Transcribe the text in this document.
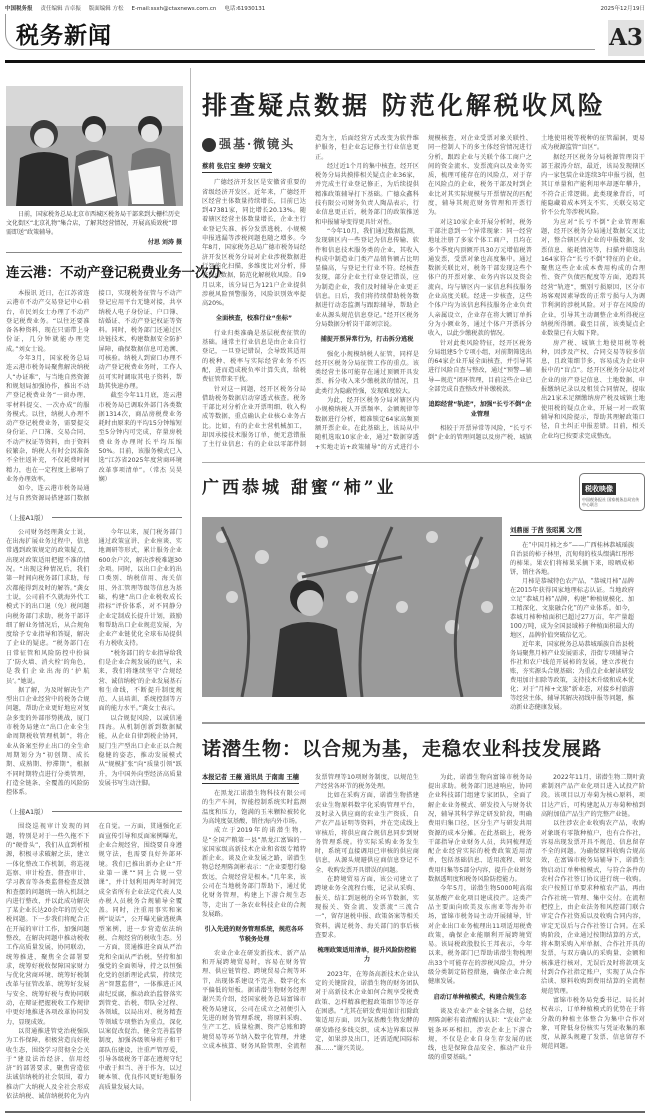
中国税务报 责任编辑 吉卓振 版面编辑 方松 E-mail:ssxh@ctaxnews.com.cn 电话:61930131	2025年12月19日
税务新闻	A3
日前，国家税务总局北京市西城区税务局干部来到大栅栏历史文化街区“北京礼物”集合店，了解其经营情况，开展高质效税“即需即送”政策辅导。
付思 刘涛 摄
连云港：不动产登记税费业务一次办

本报讯 近日，在江苏省连云港市不动产交易登记中心前台，市民刘女士办理了不动产登记税费业务。“以往还要准备各种资料，现在只需带上身份证，几分钟就能办理完成。”刘女士说。

今年3月，国家税务总局连云港市税务局聚焦解决纳税人“办证难”，与当地自然资源和规划局加强协作，推出不动产登记税费业务“一窗办理、零材料提交、一次办成”的服务模式。以往，纳税人办理不动产登记税费业务，需要提交身份证、户口簿、交易合同、不动产权证等资料，由于资料较繁杂，纳税人有时会因准备不全往返补充，不仅耗费时间精力，也在一定程度上影响了业务办理效率。

如今，连云港市税务局通过与自然资源局搭建部门数据接口，实现税务征管与不动产登记应用平台无缝对接，共享纳税人电子身份证、户口簿、结婚证、不动产登记权证等资料。同时，税务部门还通过区块链技术，构建数据安全防护屏障，确保数据信息可追溯、可核验。纳税人到窗口办理不动产登记税费业务时，工作人员可实时调取其电子资料，帮助其快速办理。

截至今年11月底，连云港市税务局已调取外部门各类数据1314次，商品房税费业务耗时由原来的平均15分钟缩短至5分钟内可完成，存量房税费业务办理时长平均压缩50%。目前，该服务模式已入选“江苏省2025年度营商环境改革事项清单”。（常杰 吴昊娴）

（上接A1版）

公司财务经理龚女士说，在出海扩展业务过程中，信息常遇到政策规定的政策疑点，出现对政策适用把握不准的情况。“出现这种情况后，我们第一时间向税务部门求助，每次都能得到及时的解答。”龚女士说，公司前不久就海外代工模式下的出口退（免）税问题向税务部门求助，税务干部详细了解业务情况后，从合规角度给予专业指导和答疑，解决了企业的疑虑。“税务部门在日常征管和风险防控中扮演了‘防火墙、消火栓’的角色，是我们企业出海的‘护航员’。”她说。

据了解，为及时解决生产型出口企业经营中的税务合规问题，帮助企业更好地应对复杂多变的外部形势挑战，厦门市税务局建立“出口企业全生命周期税收管理机制”，将企业从备案至停止出口的全生命周期划分为“初创期、成长期、成熟期、停滞期”，根据不同时期特点进行分类管理，打造全链条、全覆盖的风险防控体系。

今年以来，厦门税务部门通过政策宣讲、企业座谈、实地调研等形式，累计服务企业600余户次，解决涉税难题30余项。同时，以出口企业的出口类别、纳税信用、海关信用、外汇管理等级等信息为基础，构建“出口企业税收成长指标”评价体系，对不同静分企业定制成长提升计划，鼓励和帮助出口企业规范发展，为企业产业链优化全球布局提供有力税收支持。

“税务部门的专业指导给我们是企业合规发展的底气，未来，我们将继续坚守‘合规经营、诚信纳税’的企业发展基石和生命线，不断提升制度规范、人员培训、系统控制等方面的能力水平。”龚女士表示。

以合规促风险，以诚信通四海。从机制创新到数据赋能，从企业自律到税企协同，厦门生产型出口企业正以合规稳健的姿态，推动发展模式从“规模扩张”向“质量引领”跃升，为中国外向型经济高质量发展书写生动注脚。

（上接A1版）

围绕巡视审计发现的问题，特别是对于一些久拖不下的“硬骨头”，我们从直到析根源，积极寻求破解之法，建立一体化整改工作机制，将巡视巡察、审计检查、督查审计、学习教育等各类监督检查反馈和查摆的问题统一纳入机制之内进行整改，并以此成功解决了某企业长达20余年的历史欠税问题。下一步我们将配合正在开展的审计工作，加强问题整改，在解决问题中推动税收工作高质量发展，协同联动，统筹推进，聚焦全会部署要求，统筹好税收保障国家财力与优化营商环境、统筹好税制改革与征管改革、统筹好发展与安全、统筹好税与费协同联动，在辩证把握税收工作规律中更好地推进各项改革协同发力，显现成效。

以贯通推进管党治税强队为工作保障，积极营造良好税收生态，围绕学习贯彻全会关于“建设法治经济、信用经济”的部署要求，聚焦营造依法诚信纳税的社会氛围，着力推动广大纳税人及全社会形成依法纳税、诚信纳税转化为内在自觉。一方面，贯通强化正面宣传引导和反面案例曝光，企业合规经营，围绕要自身遵规守法，也需要良好外部环境。我们已推出新办企业“开业第一课”“同上合规一堂课”，并计划利用两年时间完成全省所有企业法定代表人及办税人员税务合规辅导全覆盖。同时，注重用事实和案例“说话”，公开曝光偷逃税典型案例，进一步营造依法纳税、合规经营的税收生态。另一方面，贯通推进全面从严治党和全面从严治税，坚持和加强党的全面领导，持之以恒强化党的创新理论武装，持续完善“智慧监督”，一体推进正风肃纪反腐，推动政治监督落实到管党、治税、带队全过程、各领域，以局出对、税务精查等领域专项整治为重点，深化以案促改促治，健全完善监督制度，加强各级领导班子和干部队伍建设，注重严管厚爱，引导各级税务干部在遵规守纪中敢于担当、善于作为，以过硬本领、优良作风更好地服务高质量发展大局。

排查疑点数据 防范化解税收风险
强基·微镜头
蔡莉 张启宝 秦婷 安瑞文

广德经济开发区是安徽省重要的省级经济开发区。近年来，广德经开区经营主体数量持续增长，目前已达到47381家，同比增长20.13%。随着辖区经营主体数量增长，企业主行业登记失准、拆分发票逃税、小规模申报逃漏等涉税问题也随之增多。今年8月，国家税务总局广德市税务局经济开发区税务分局对企业涉税数据进行智能化扫描，多维度比对分析，排查疑点数据，防范化解税收风险。自9月以来，该分局已为121户企业提供涉税风险预警服务，风险识别效率提高20%。

全面核查，校准行业“坐标”

行业归类准确是基层税费征管的基础。通常主行业信息是由企业自行登记，一旦登记错误，会导致其适用的税种、税率与实际经营业务不匹配，进而造成税负率计算失真，给税费征管带来干扰。

针对这一问题，经开区税务分局借助税务数据启动穿透式核查。税务干部比对分析企业开票明细、收入构成等数据，重点确认企业核心业务占比。比如，有的企业主营机械加工，却因承接技术服务订单，便无意错报了主行业信息；有的企业以零部件制造为主，后面经营方式改变为软件维护服务，但企业忘记修主行业信息更正。

经过近1个月的集中核查，经开区税务分局共摸排相关疑点企业36家，并完成主行业登记修正，为后续提供精准政策辅导打下基础。广德众鑫科技有限公司财务负责人陶晶表示，行业信息更正后，税务部门的政策推送和申报辅导变得更具针对性。

“今年10月，我们通过数据监测，发现辖区内一些登记为信息传输、软件和信息技术服务类的企业，其收入构成中制造业门类产品销售额占比明显偏高，与登记主行业不符。经核查发现，部分企业主行业登记错误，应为制造企业，我们及时辅导企业更正信息。日后，我们将持续借助税务数据进行动态监测与跟踪辅导，帮助企业从源头规范信息登记。”经开区税务分局数据分析岗干部刘宗说。

捕捉开票异常行为，打击拆分逃税

强化小规模纳税人征管，同样是经开区税务分局征管工作的重点。该类经营主体可能存在通过顶额开具发票、拆分收入来少缴税款的情况，且此类行为隐蔽性强，发现难度较大。

为此，经开区税务分局对辖区内小规模纳税人开票频率、金额规律等数据进行分析，精准锁定64家高频顶额开票企业。在此基础上，该局从中随机选取10家企业，通过“数据穿透+实地走访+政策辅导”的方式进行小规模核查，对企业受票对象关联性、同一控制人下的多主体经营情况进行分析，跟踪企业与关联个体工商户之间的资金流水、发票流向以及业务实质，梳理可能存在的风险点，对于存在风险点的企业，税务干部及时到企业比对其实际规模与开票情况的匹配度，辅导其规范财务管理和开票行为。

对这10家企业开展分析时，税务干部注意到一个异常现象：同一经营地址注册了多家个体工商户，且均在多个季度内顶额开具30万元增值税普通发票，受票对象也高度集中。通过数据关联比对，税务干部发现这些个体户的开票对象、业务内容以及资金流向，均与辖区内一家信息科技服务企业高度关联。经进一步核查，这些个体户均为该信息科技服务企业负责人亲属设立，企业存在将大额订单拆分为小额业务，通过个体户开票拆分收入，以此少缴税款的情况。

针对此类风险特征，经开区税务分局组建5个专项小组，对前期筛选出的64家企业开展全面核查，并引导其进行风险自查与整改，通过“预警—辅导—规范”闭环管理，目前这些企业已全部完成自查整改并补缴税款。

追踪经营“轨迹”，加强“长亏不倒”企业管理

相较于开票异常等风险，“长亏不倒”企业的管理问题以及房产税、城镇土地使用税等税种的征管漏洞，更易成为税源监管“盲区”。

据经开区税务分局税源管理岗干部王淑涛介绍，最近，该局发现辖区内一家包装企业连续3年申报亏损，但其订单量和产能利用率却逐年攀升，不符合正常逻辑。此类现象背后，可能隐藏着成本列支不实、关联交易定价不公允等涉税风险。

为应对“长亏不倒”企业管理难题，经开区税务分局通过数据交叉比对，整合辖区内企业的申报数据、发票信息、能耗情况等，扫描并筛选出164家符合“长亏不倒”特征的企业。聚焦这些企业成本费用构成的合理性、资产负债匹配度等方面，追踪其经营“轨迹”，甄别亏损原因，区分市场客观因素导致的正常亏损与人为调节利润的涉税风险。对于存在风险的企业，引导其主动调整企业所得税应纳税所得额。截至目前，该类疑点企业数量已有大幅下降。

房产税、城镇土地使用税等税种，因涉及产权、合同交易等较多信息，且政策细节多，容易成为企业申报中的“盲点”。经开区税务分局比对企业的房产登记信息、土地数据、申报缴纳记录以及租赁合同情况，提取出21家未足额缴纳房产税及城镇土地使用税的疑点企业，开展一对一政策辅导和风险提示，帮助其理解政策口径，自主纠正申报差错。目前，相关企业均已按要求完成整改。

广西恭城 甜蜜“柿”业	税收映像
中国税务报社 国家税务总局宣传中心联合
刘鼎丽 于茜 张昭翼 文/图

在“中国月柿之乡”——广西桂林恭城瑶族自治县的柿子林里，沉甸甸的枝头缀满红彤彤的柿果。果农们将柿果采摘下来，晾晒成柿饼，销往各地。

月柿是恭城特色农产品，“恭城月柿”品牌在2015年获得国家地理标志认证。当地政府立足“恭城月柿”品牌，构建“种植规模化、加工精深化、文旅融合化”的产业体系。如今，恭城月柿种植面积已超过27万亩，年产量超100万吨，成为全国县域柿子种植面积最大的地区，品牌价值突破倍亿元。

近年来，国家税务总局恭城瑶族自治县税务局聚焦月柿产业发展需求，沿街专项辅导合作社和农户线范开展柿的发展，建立涉税台账，夯实源头合规基础；为重点企业解读研发费用加计扣除等政策，支持技术升级和成本优化；对于“月柿+文旅”新业态，对接乡村旅游等经营主体，辅导其解决初线申报等问题，推动新业态健康发展。

诺潜生物：以合规为基，走稳农业科技发展路
本报记者 王薇 通讯员 于南南 王楠

在黑龙江诺潜生物科技有限公司的生产车间，智能控制系统实时监测温度和压力，饱满的玉米颗粒被转化为高纯度氨基酸，销往海内外市场。

成立于2019年的诺潜生物，是“全国产粮第一县”黑龙江富锦的一家国家级高新技术企业和省级专精特新企业。谈及企业发展之路，诺潜生物总经理陈剑彬表示：“企业要想行稳致远，合规经营是根本。”几年来，该公司在当地税务部门帮助下，通过优化财务管理，构建上下游合规生态等，走出了一条农业科技企业的合规发展路。

引入先进的财务管理系统，规范各环节税务处理

农业企业在研发新技术、新产品和开展跨境贸易时，容易在财务管理、供应链管控、跨境贸易合规等环节，出现体系建设不完善、数字化水平偏低的短板。据诺潜生物财务经理谢兴美介绍，经国家税务总局富锦市税务局建议，公司在成立之初便引入先进的财务管理系统，将原料采购、生产工艺、质量检测、资产总账和跨境贸易等环节纳入数字化管理，并建立成本核算、财务风险管理、全流程发票管理等10项财务制度，以规范生产经营各环节的税务处理。

比如在采购方面，诺潜生物搭建农业生物原料数字化采购管理平台，及时录入供应商的农业生产资质、自产农产品证明等资料，并在完成线上审核后，将供应商合规信息同步到财务管理系统。待实际采购业务发生时，系统可直接调用已审核的供应商信息，从源头规避供应商信息登记不全、收购发票开具错误的问题。

在跨境贸易方面，该公司建立了跨境业务全流程台账，记录从采购、报关、结汇到退税的全环节数据，实现报关、资金流、发票流“三流合一”，留存退税申报、政策备案等相关资料，满足税务、海关部门的事后核查要求。

梳理政策适用清单，提升风险防控能力

2023年，在筹备高新技术企业认定的关键阶段，诺潜生物的财务团队对于高新技术企业如何合规享受税费政策、怎样精准把握政策细节等还存在困惑。“尤其在研发费用加计扣除政策适用方面，因为氨基酸生物发酵的研发路径多线交织，成本边界难以界定，如果涉及出口，还需适配国际标准……”谢兴美说。

为此，诺潜生物向富锦市税务局提出求助。税务部门迅速响应，协同企业科技部门组建专家团队，全面了解企业业务模式、研发投入与财务状况，辅导其科学界定研发阶段，明确费用归集口径，区分生产与研发共用资源的成本分摊。在此基础上，税务干部指导企业财务人员，共同梳理适配企业经营实际的税费政策适用清单，包括基础信息、适用流程、研发费用归集等5部分内容，提升企业财务数据透明度和税务风险防控能力。

今年5月，诺潜生物5000吨高端氨基酸产业化项目建成投产。这类产品主要面向欧美及东南亚等海外市场，富锦市税务局主动开展辅导，针对企业出口业务梳理出11项适用税费政策，确保企业能顺利开展跨境贸易。该局税政股股长王邦表示，今年以来，税务部门已帮助诺潜生物梳理出33个可能存在的涉税风险点，并分级分类制定防控措施，确保企业合规健康发展。

启动订单种植模式，构建合规生态

谈及农业产业全链条合规，总经理陈剑彬有着清醒的认识：“农业产业链条环环相扣，涉农企业上下游合规，不仅是企业自身生存发展的底线，也是保障食品安全、推动产业升级的重要基础。”

2022年11月，诺潜生物二期叶黄素制剂产品产业化项目进入试投产阶段。该项目以万寿菊为核心原料，项目达产后，可构建起从万寿菊种植到高附加值产品生产的完整产业链。

以往涉农企业收购农产品，收购对象既有零散种植户，也有合作社，容易出现发票开具不规范、信息留存不全的问题。为确保原料收购合规高效，在富锦市税务局辅导下，诺潜生物启动订单种植模式，与符合条件的农村合作社签订协议进行统一收购。农户按照订单要求种植农产品，再由合作社统一管理、集中交付。在流程把控上，由企业法务和风控部门联合审定合作社资质以及收购合同内容，审定无误后与合作社签订合同。在采购阶段，企业通过按期结算的方式，将本期采购入库单据、合作社开具的发票，与双方确认的采购量、金额和核准进行核对，无误后及时将款项支付到合作社指定账户，实现了从合作洽谈、原料收购到费用结算的全流程规范管理。

富锦市税务局党委书记、局长封权表示，订单种植模式的优势在于将分散的种植主体整合为集中合作对象，可降低身份核实与凭证收集的难度，从源头规避了发票、信息留存不规范问题。
